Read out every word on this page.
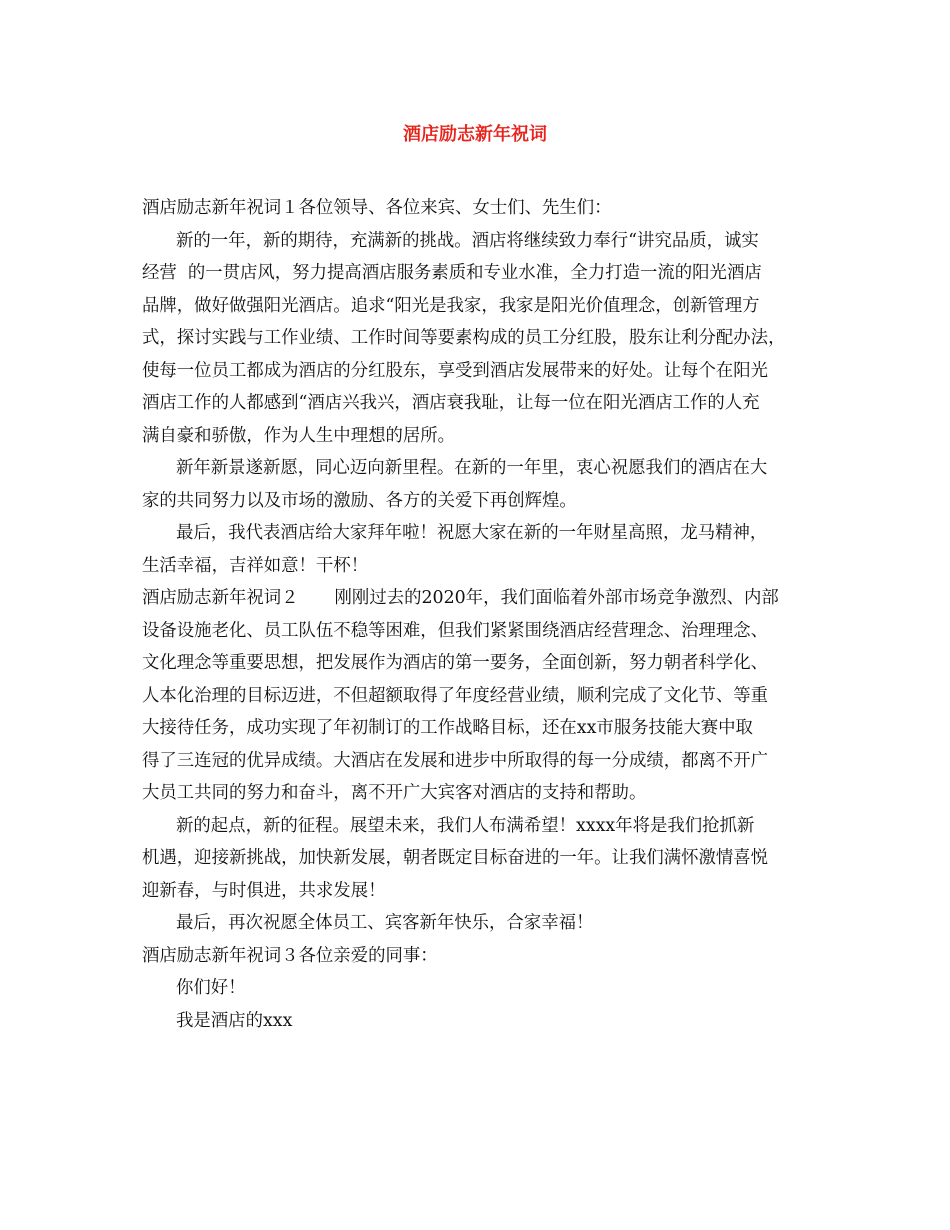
酒店励志新年祝词
酒店励志新年祝词１各位领导、各位来宾、女士们、先生们：
新的一年，新的期待，充满新的挑战。酒店将继续致力奉行“讲究品质，诚实
经营  的一贯店风，努力提高酒店服务素质和专业水准，全力打造一流的阳光酒店
品牌，做好做强阳光酒店。追求“阳光是我家，我家是阳光价值理念，创新管理方
式，探讨实践与工作业绩、工作时间等要素构成的员工分红股，股东让利分配办法，
使每一位员工都成为酒店的分红股东，享受到酒店发展带来的好处。让每个在阳光
酒店工作的人都感到“酒店兴我兴，酒店衰我耻，让每一位在阳光酒店工作的人充
满自豪和骄傲，作为人生中理想的居所。
新年新景遂新愿，同心迈向新里程。在新的一年里，衷心祝愿我们的酒店在大
家的共同努力以及市场的激励、各方的关爱下再创辉煌。
最后，我代表酒店给大家拜年啦！祝愿大家在新的一年财星高照，龙马精神，
生活幸福，吉祥如意！干杯！
酒店励志新年祝词２ 刚刚过去的2020年，我们面临着外部市场竞争激烈、内部
设备设施老化、员工队伍不稳等困难，但我们紧紧围绕酒店经营理念、治理理念、
文化理念等重要思想，把发展作为酒店的第一要务，全面创新，努力朝者科学化、
人本化治理的目标迈进，不但超额取得了年度经营业绩，顺利完成了文化节、等重
大接待任务，成功实现了年初制订的工作战略目标，还在xx市服务技能大赛中取
得了三连冠的优异成绩。大酒店在发展和进步中所取得的每一分成绩，都离不开广
大员工共同的努力和奋斗，离不开广大宾客对酒店的支持和帮助。
新的起点，新的征程。展望未来，我们人布满希望！xxxx年将是我们抢抓新
机遇，迎接新挑战，加快新发展，朝者既定目标奋进的一年。让我们满怀激情喜悦
迎新春，与时俱进，共求发展！
最后，再次祝愿全体员工、宾客新年快乐，合家幸福！
酒店励志新年祝词３各位亲爱的同事：
你们好！
我是酒店的xxx
